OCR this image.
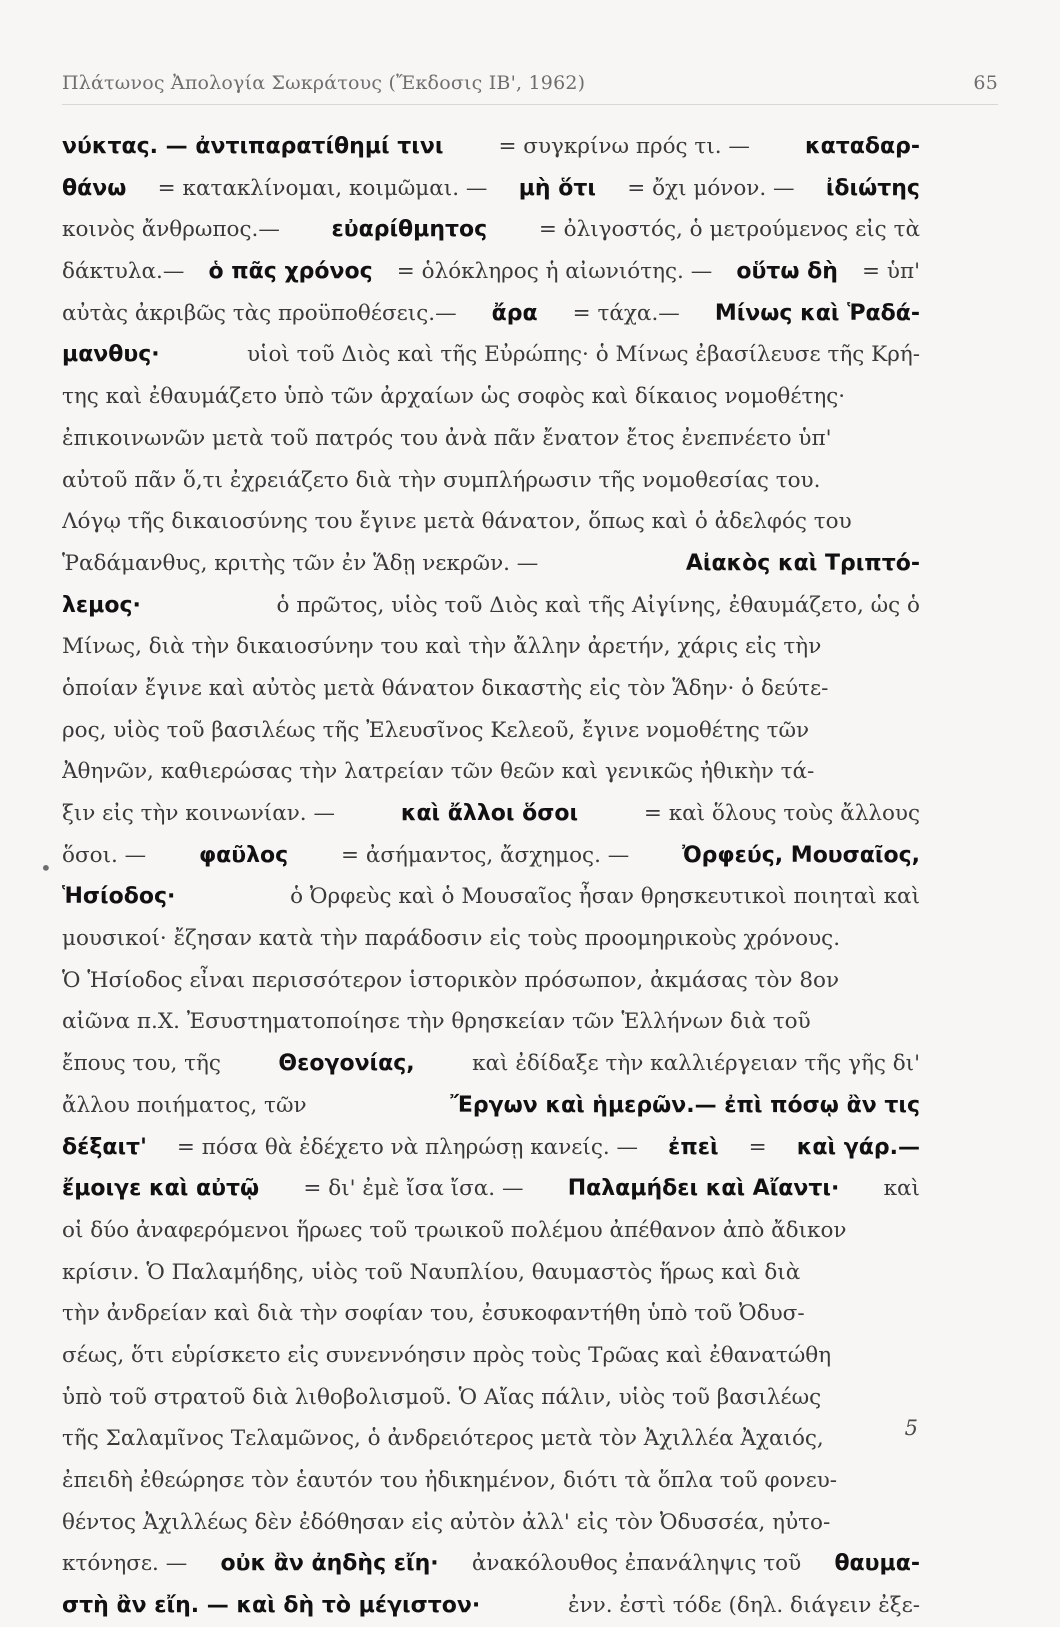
Πλάτωνος Ἀπολογία Σωκράτους (Ἔκδοσις ΙΒ', 1962)	65
•
νύκτας. — ἀντιπαρατίθημί τινι	= συγκρίνω πρός τι. —	καταδαρ-
θάνω = κατακλίνομαι, κοιμῶμαι. — μὴ ὅτι = ὄχι μόνον. — ἰδιώτης
κοινὸς ἄνθρωπος.— εὐαρίθμητος = ὀλιγοστός, ὁ μετρούμενος εἰς τὰ
δάκτυλα.— ὁ πᾶς χρόνος = ὁλόκληρος ἡ αἰωνιότης. — οὕτω δὴ = ὑπ'
αὐτὰς ἀκριβῶς τὰς προϋποθέσεις.— ἄρα = τάχα.— Μίνως καὶ Ῥαδά-
μανθυς·	υἱοὶ τοῦ Διὸς καὶ τῆς Εὐρώπης· ὁ Μίνως ἐβασίλευσε τῆς Κρή-
της καὶ ἐθαυμάζετο ὑπὸ τῶν ἀρχαίων ὡς σοφὸς καὶ δίκαιος νομοθέτης·
ἐπικοινωνῶν μετὰ τοῦ πατρός του ἀνὰ πᾶν ἔνατον ἔτος ἐνεπνέετο ὑπ'
αὐτοῦ πᾶν ὅ,τι ἐχρειάζετο διὰ τὴν συμπλήρωσιν τῆς νομοθεσίας του.
Λόγῳ τῆς δικαιοσύνης του ἔγινε μετὰ θάνατον, ὅπως καὶ ὁ ἀδελφός του
Ῥαδάμανθυς, κριτὴς τῶν ἐν Ἅδῃ νεκρῶν. —	Αἰακὸς καὶ Τριπτό-
λεμος·	ὁ πρῶτος, υἱὸς τοῦ Διὸς καὶ τῆς Αἰγίνης, ἐθαυμάζετο, ὡς ὁ
Μίνως, διὰ τὴν δικαιοσύνην του καὶ τὴν ἄλλην ἀρετήν, χάρις εἰς τὴν
ὁποίαν ἔγινε καὶ αὐτὸς μετὰ θάνατον δικαστὴς εἰς τὸν Ἅδην· ὁ δεύτε-
ρος, υἱὸς τοῦ βασιλέως τῆς Ἐλευσῖνος Κελεοῦ, ἔγινε νομοθέτης τῶν
Ἀθηνῶν, καθιερώσας τὴν λατρείαν τῶν θεῶν καὶ γενικῶς ἠθικὴν τά-
ξιν εἰς τὴν κοινωνίαν. —	καὶ ἄλλοι ὅσοι	= καὶ ὅλους τοὺς ἄλλους
ὅσοι. — φαῦλος = ἀσήμαντος, ἄσχημος. — Ὀρφεύς, Μουσαῖος,
Ἡσίοδος·	ὁ Ὀρφεὺς καὶ ὁ Μουσαῖος ἦσαν θρησκευτικοὶ ποιηταὶ καὶ
μουσικοί· ἔζησαν κατὰ τὴν παράδοσιν εἰς τοὺς προομηρικοὺς χρόνους.
Ὁ Ἡσίοδος εἶναι περισσότερον ἱστορικὸν πρόσωπον, ἀκμάσας τὸν 8ον
αἰῶνα π.Χ. Ἐσυστηματοποίησε τὴν θρησκείαν τῶν Ἑλλήνων διὰ τοῦ
ἔπους του, τῆς	Θεογονίας,	καὶ ἐδίδαξε τὴν καλλιέργειαν τῆς γῆς δι'
ἄλλου ποιήματος, τῶν	Ἔργων καὶ ἡμερῶν.— ἐπὶ πόσῳ ἂν τις
δέξαιτ' = πόσα θὰ ἐδέχετο νὰ πληρώσῃ κανείς. — ἐπεὶ = καὶ γάρ.—
ἔμοιγε καὶ αὐτῷ = δι' ἐμὲ ἴσα ἴσα. — Παλαμήδει καὶ Αἴαντι· καὶ
οἱ δύο ἀναφερόμενοι ἥρωες τοῦ τρωικοῦ πολέμου ἀπέθανον ἀπὸ ἄδικον
κρίσιν. Ὁ Παλαμήδης, υἱὸς τοῦ Ναυπλίου, θαυμαστὸς ἥρως καὶ διὰ
τὴν ἀνδρείαν καὶ διὰ τὴν σοφίαν του, ἐσυκοφαντήθη ὑπὸ τοῦ Ὀδυσ-
σέως, ὅτι εὑρίσκετο εἰς συνεννόησιν πρὸς τοὺς Τρῶας καὶ ἐθανατώθη
ὑπὸ τοῦ στρατοῦ διὰ λιθοβολισμοῦ. Ὁ Αἴας πάλιν, υἱὸς τοῦ βασιλέως
τῆς Σαλαμῖνος Τελαμῶνος, ὁ ἀνδρειότερος μετὰ τὸν Ἀχιλλέα Ἀχαιός,
ἐπειδὴ ἐθεώρησε τὸν ἑαυτόν του ἠδικημένον, διότι τὰ ὅπλα τοῦ φονευ-
θέντος Ἀχιλλέως δὲν ἐδόθησαν εἰς αὐτὸν ἀλλ' εἰς τὸν Ὀδυσσέα, ηὐτο-
κτόνησε. — οὐκ ἂν ἀηδὴς εἴη· ἀνακόλουθος ἐπανάληψις τοῦ θαυμα-
στὴ ἂν εἴη. — καὶ δὴ τὸ μέγιστον·	ἐνν. ἐστὶ τόδε (δηλ. διάγειν ἐξε-
5
